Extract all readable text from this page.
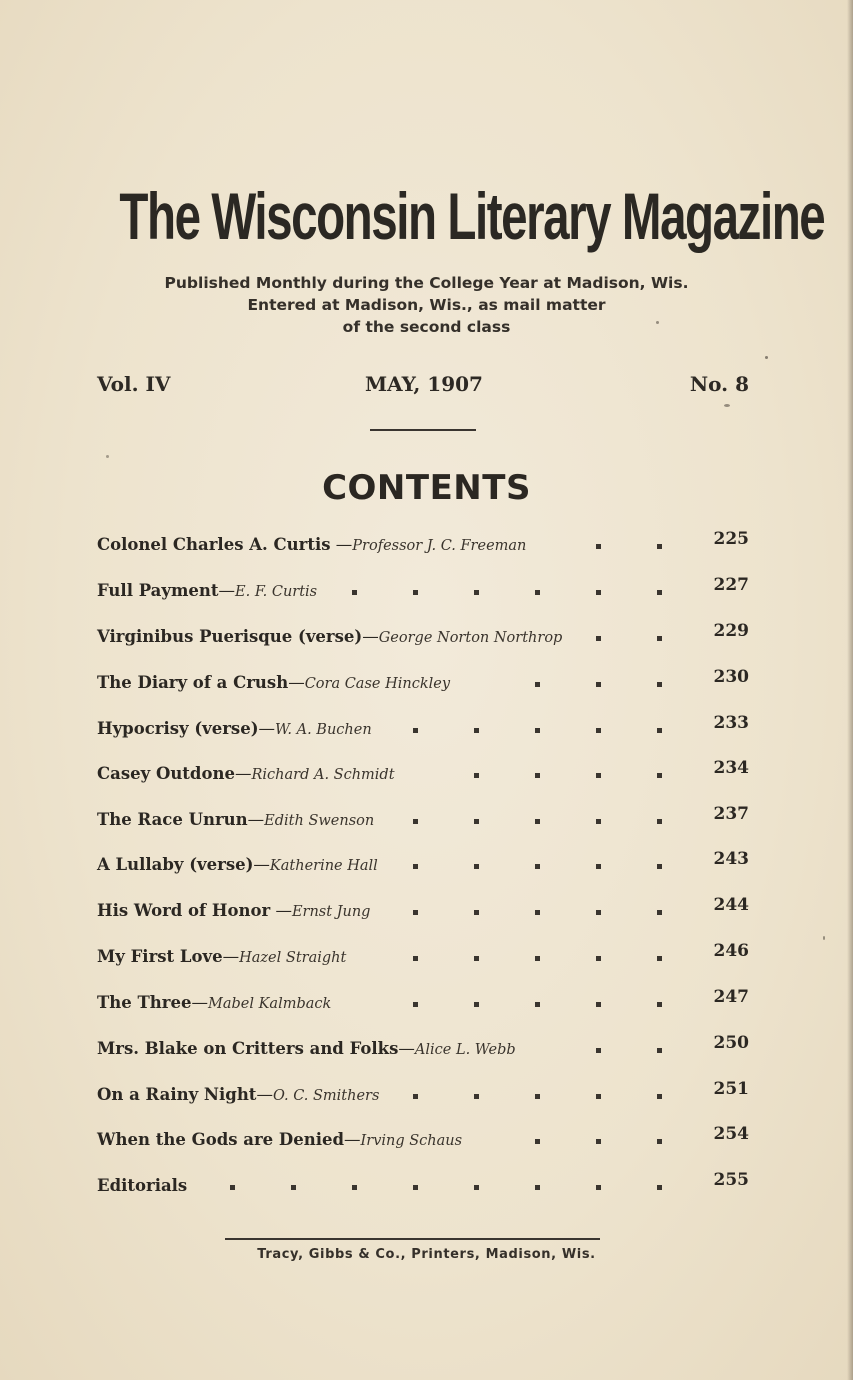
The Wisconsin Literary Magazine
Published Monthly during the College Year at Madison, Wis.
Entered at Madison, Wis., as mail matter
of the second class
Vol. IV	MAY, 1907	No. 8
CONTENTS
Colonel Charles A. Curtis —Professor J. C. Freeman	225
Full Payment—E. F. Curtis	227
Virginibus Puerisque (verse)—George Norton Northrop	229
The Diary of a Crush—Cora Case Hinckley	230
Hypocrisy (verse)—W. A. Buchen	233
Casey Outdone—Richard A. Schmidt	234
The Race Unrun—Edith Swenson	237
A Lullaby (verse)—Katherine Hall	243
His Word of Honor —Ernst Jung	244
My First Love—Hazel Straight	246
The Three—Mabel Kalmback	247
Mrs. Blake on Critters and Folks—Alice L. Webb	250
On a Rainy Night—O. C. Smithers	251
When the Gods are Denied—Irving Schaus	254
Editorials	255
Tracy, Gibbs & Co., Printers, Madison, Wis.
